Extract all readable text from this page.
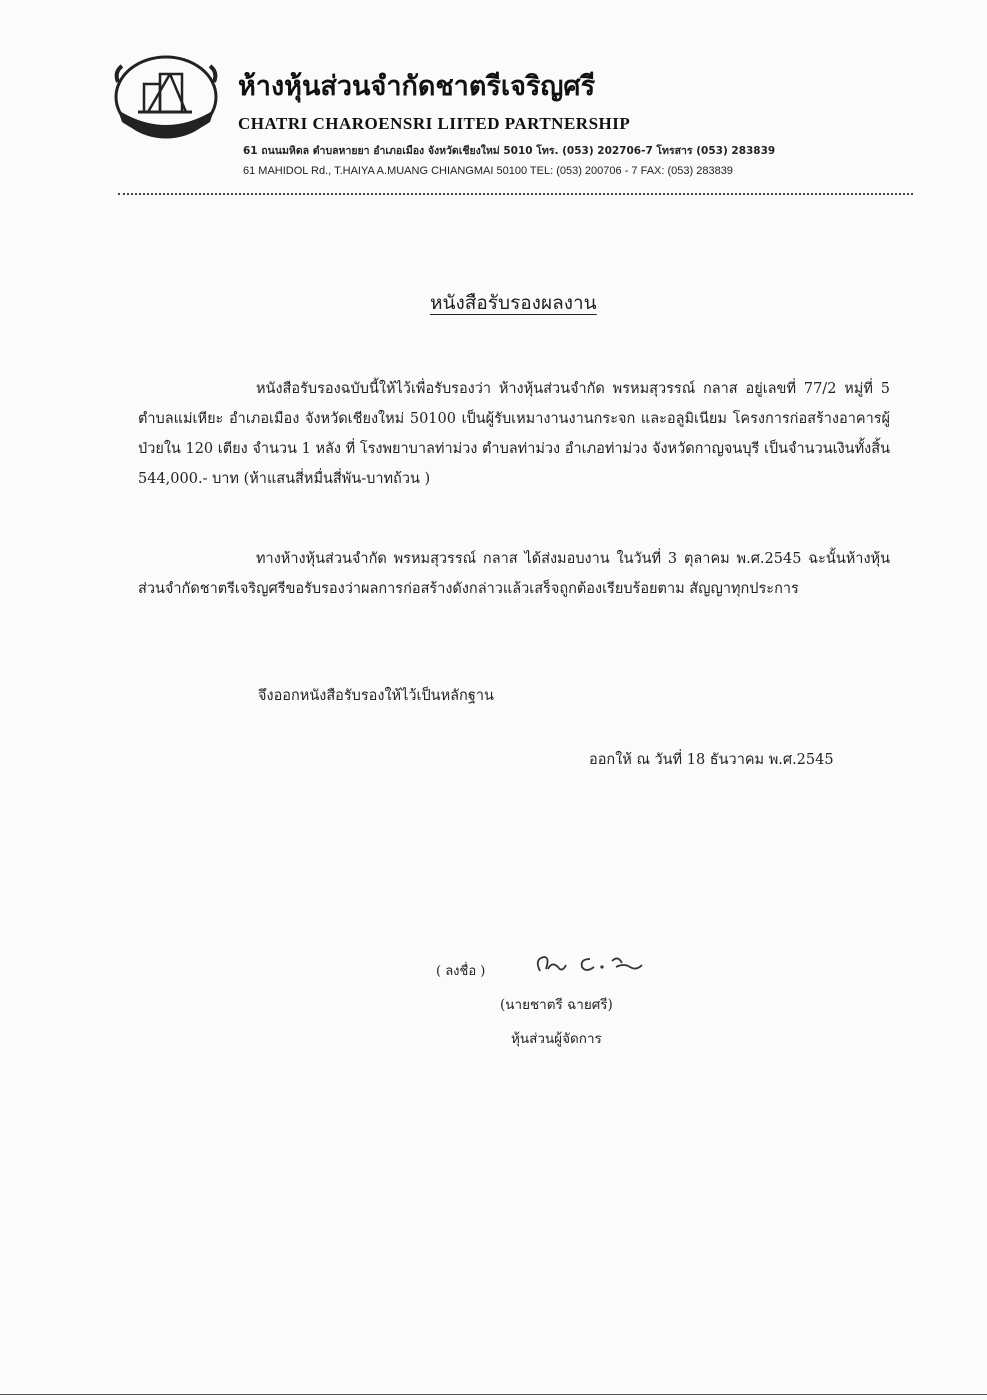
ห้างหุ้นส่วนจำกัดชาตรีเจริญศรี
CHATRI CHAROENSRI LIITED PARTNERSHIP
61 ถนนมหิดล ตำบลหายยา อำเภอเมือง จังหวัดเชียงใหม่ 5010 โทร. (053) 202706-7 โทรสาร (053) 283839
61 MAHIDOL Rd., T.HAIYA A.MUANG CHIANGMAI 50100 TEL: (053) 200706 - 7 FAX: (053) 283839
หนังสือรับรองผลงาน
หนังสือรับรองฉบับนี้ให้ไว้เพื่อรับรองว่า ห้างหุ้นส่วนจำกัด พรหมสุวรรณ์ กลาส อยู่เลขที่ 77/2 หมู่ที่ 5 ตำบลแม่เหียะ อำเภอเมือง จังหวัดเชียงใหม่ 50100 เป็นผู้รับเหมางานงานกระจก และอลูมิเนียม โครงการก่อสร้างอาคารผู้ป่วยใน 120 เตียง จำนวน 1 หลัง ที่ โรงพยาบาลท่าม่วง ตำบลท่าม่วง อำเภอท่าม่วง จังหวัดกาญจนบุรี เป็นจำนวนเงินทั้งสิ้น 544,000.- บาท (ห้าแสนสี่หมื่นสี่พัน-บาทถ้วน )
ทางห้างหุ้นส่วนจำกัด พรหมสุวรรณ์ กลาส ได้ส่งมอบงาน ในวันที่ 3 ตุลาคม พ.ศ.2545 ฉะนั้นห้างหุ้นส่วนจำกัดชาตรีเจริญศรีขอรับรองว่าผลการก่อสร้างดังกล่าวแล้วเสร็จถูกต้องเรียบร้อยตาม สัญญาทุกประการ
จึงออกหนังสือรับรองให้ไว้เป็นหลักฐาน
ออกให้ ณ วันที่ 18 ธันวาคม พ.ศ.2545
( ลงชื่อ )
(นายชาตรี ฉายศรี)
หุ้นส่วนผู้จัดการ
